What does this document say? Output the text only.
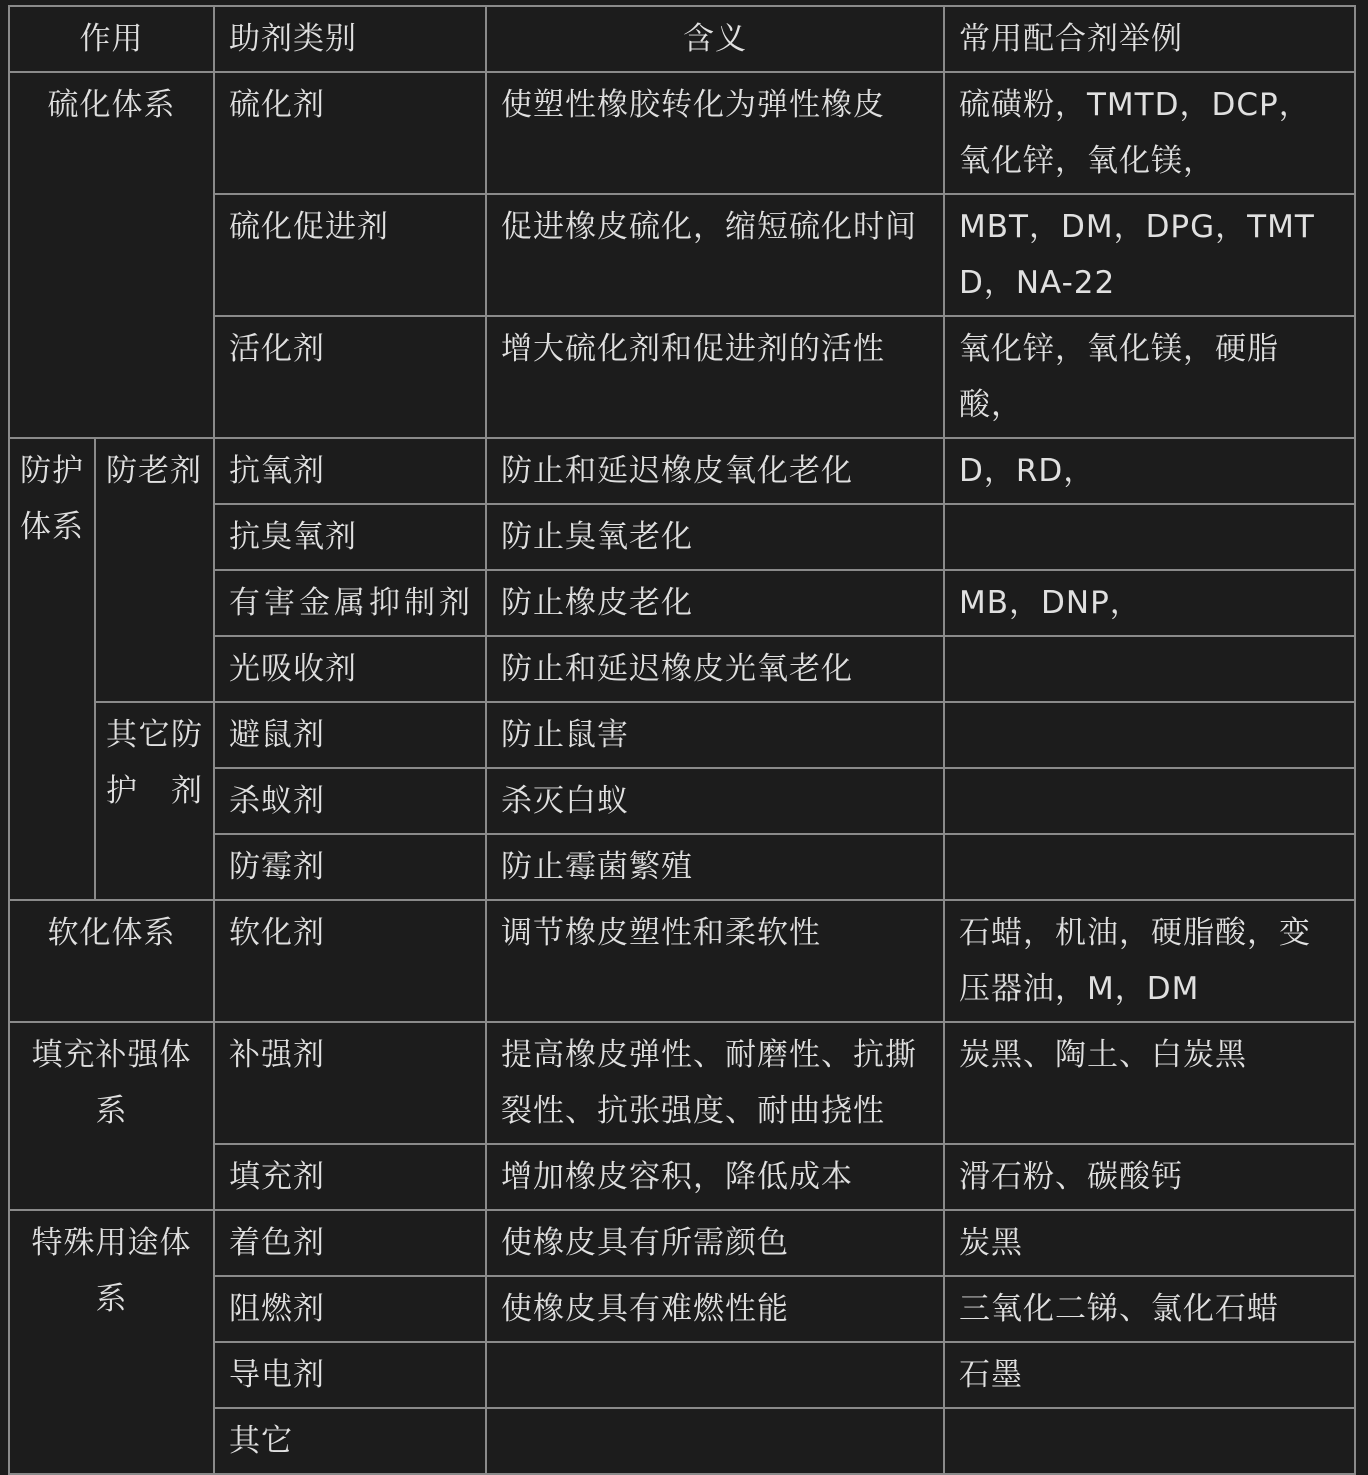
作用		助剂类别	含义	常用配合剂举例
硫化体系		硫化剂	使塑性橡胶转化为弹性橡皮	硫磺粉，TMTD，DCP，氧化锌，氧化镁，
		硫化促进剂	促进橡皮硫化，缩短硫化时间	MBT，DM，DPG，TMTD，NA-22
		活化剂	增大硫化剂和促进剂的活性	氧化锌，氧化镁，硬脂酸，
防护体系	防老剂	抗氧剂	防止和延迟橡皮氧化老化	D，RD，
		抗臭氧剂	防止臭氧老化	
		有害金属抑制剂	防止橡皮老化	MB，DNP，
		光吸收剂	防止和延迟橡皮光氧老化	
	其它防护剂	避鼠剂	防止鼠害	
		杀蚁剂	杀灭白蚁	
		防霉剂	防止霉菌繁殖	
软化体系		软化剂	调节橡皮塑性和柔软性	石蜡，机油，硬脂酸，变压器油，M，DM
填充补强体系		补强剂	提高橡皮弹性、耐磨性、抗撕裂性、抗张强度、耐曲挠性	炭黑、陶土、白炭黑
		填充剂	增加橡皮容积，降低成本	滑石粉、碳酸钙
特殊用途体系		着色剂	使橡皮具有所需颜色	炭黑
		阻燃剂	使橡皮具有难燃性能	三氧化二锑、氯化石蜡
		导电剂		石墨
		其它		
